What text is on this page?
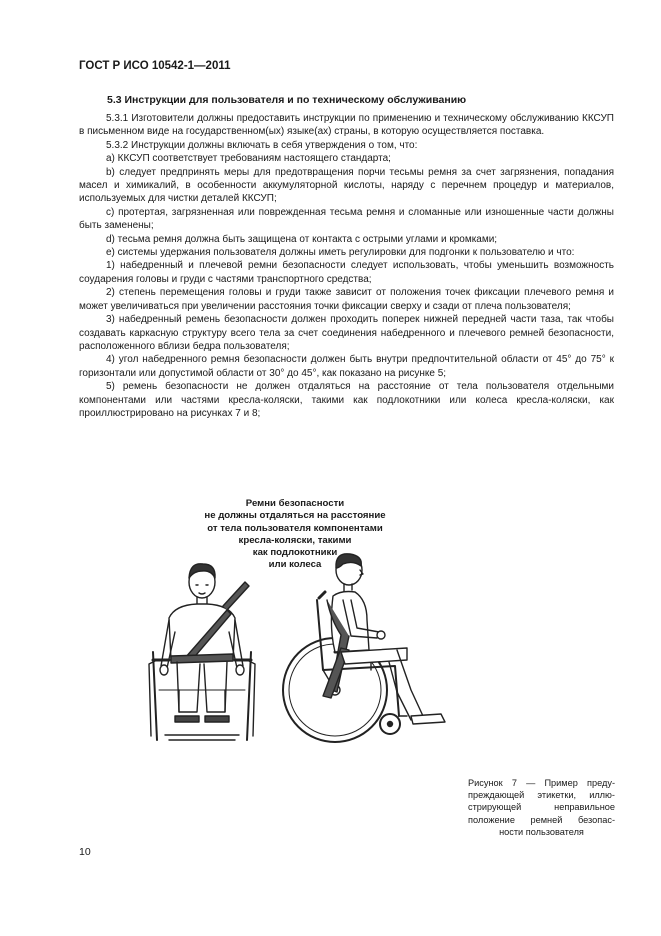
ГОСТ Р ИСО 10542-1—2011
5.3 Инструкции для пользователя и по техническому обслуживанию

5.3.1 Изготовители должны предоставить инструкции по применению и техническому обслуживанию ККСУП в письменном виде на государственном(ых) языке(ах) страны, в которую осуществляется поставка.

5.3.2 Инструкции должны включать в себя утверждения о том, что:

a) ККСУП соответствует требованиям настоящего стандарта;

b) следует предпринять меры для предотвращения порчи тесьмы ремня за счет загрязнения, попадания масел и химикалий, в особенности аккумуляторной кислоты, наряду с перечнем процедур и материалов, используемых для чистки деталей ККСУП;

c) протертая, загрязненная или поврежденная тесьма ремня и сломанные или изношенные части должны быть заменены;

d) тесьма ремня должна быть защищена от контакта с острыми углами и кромками;

e) системы удержания пользователя должны иметь регулировки для подгонки к пользователю и что:

1) набедренный и плечевой ремни безопасности следует использовать, чтобы уменьшить возможность соударения головы и груди с частями транспортного средства;

2) степень перемещения головы и груди также зависит от положения точек фиксации плечевого ремня и может увеличиваться при увеличении расстояния точки фиксации сверху и сзади от плеча пользователя;

3) набедренный ремень безопасности должен проходить поперек нижней передней части таза, так чтобы создавать каркасную структуру всего тела за счет соединения набедренного и плечевого ремней безопасности, расположенного вблизи бедра пользователя;

4) угол набедренного ремня безопасности должен быть внутри предпочтительной области от 45° до 75° к горизонтали или допустимой области от 30° до 45°, как показано на рисунке 5;

5) ремень безопасности не должен отдаляться на расстояние от тела пользователя отдельными компонентами или частями кресла-коляски, такими как подлокотники или колеса кресла-коляски, как проиллюстрировано на рисунках 7 и 8;

Ремни безопасности
не должны отдаляться на расстояние
от тела пользователя компонентами
кресла-коляски, такими
как подлокотники
или колеса
Рисунок 7 — Пример преду-
преждающей этикетки, иллю-
стрирующей неправильное
положение ремней безопас-
ности пользователя
10
